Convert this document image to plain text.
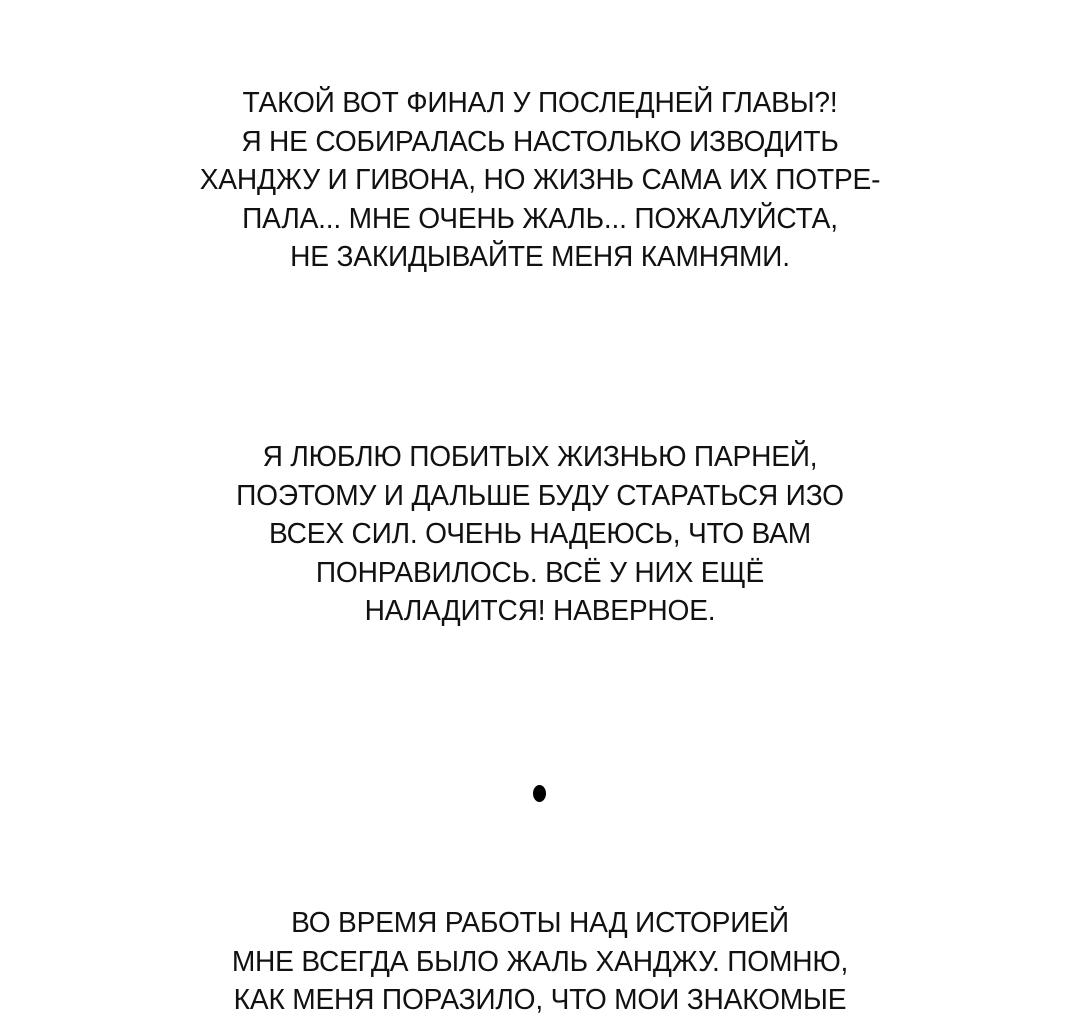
ТАКОЙ ВОТ ФИНАЛ У ПОСЛЕДНЕЙ ГЛАВЫ?!
Я НЕ СОБИРАЛАСЬ НАСТОЛЬКО ИЗВОДИТЬ
ХАНДЖУ И ГИВОНА, НО ЖИЗНЬ САМА ИХ ПОТРЕ-
ПАЛА... МНЕ ОЧЕНЬ ЖАЛЬ... ПОЖАЛУЙСТА,
НЕ ЗАКИДЫВАЙТЕ МЕНЯ КАМНЯМИ.
Я ЛЮБЛЮ ПОБИТЫХ ЖИЗНЬЮ ПАРНЕЙ,
ПОЭТОМУ И ДАЛЬШЕ БУДУ СТАРАТЬСЯ ИЗО
ВСЕХ СИЛ. ОЧЕНЬ НАДЕЮСЬ, ЧТО ВАМ
ПОНРАВИЛОСЬ. ВСЁ У НИХ ЕЩЁ
НАЛАДИТСЯ! НАВЕРНОЕ.
ВО ВРЕМЯ РАБОТЫ НАД ИСТОРИЕЙ
МНЕ ВСЕГДА БЫЛО ЖАЛЬ ХАНДЖУ. ПОМНЮ,
КАК МЕНЯ ПОРАЗИЛО, ЧТО МОИ ЗНАКОМЫЕ
